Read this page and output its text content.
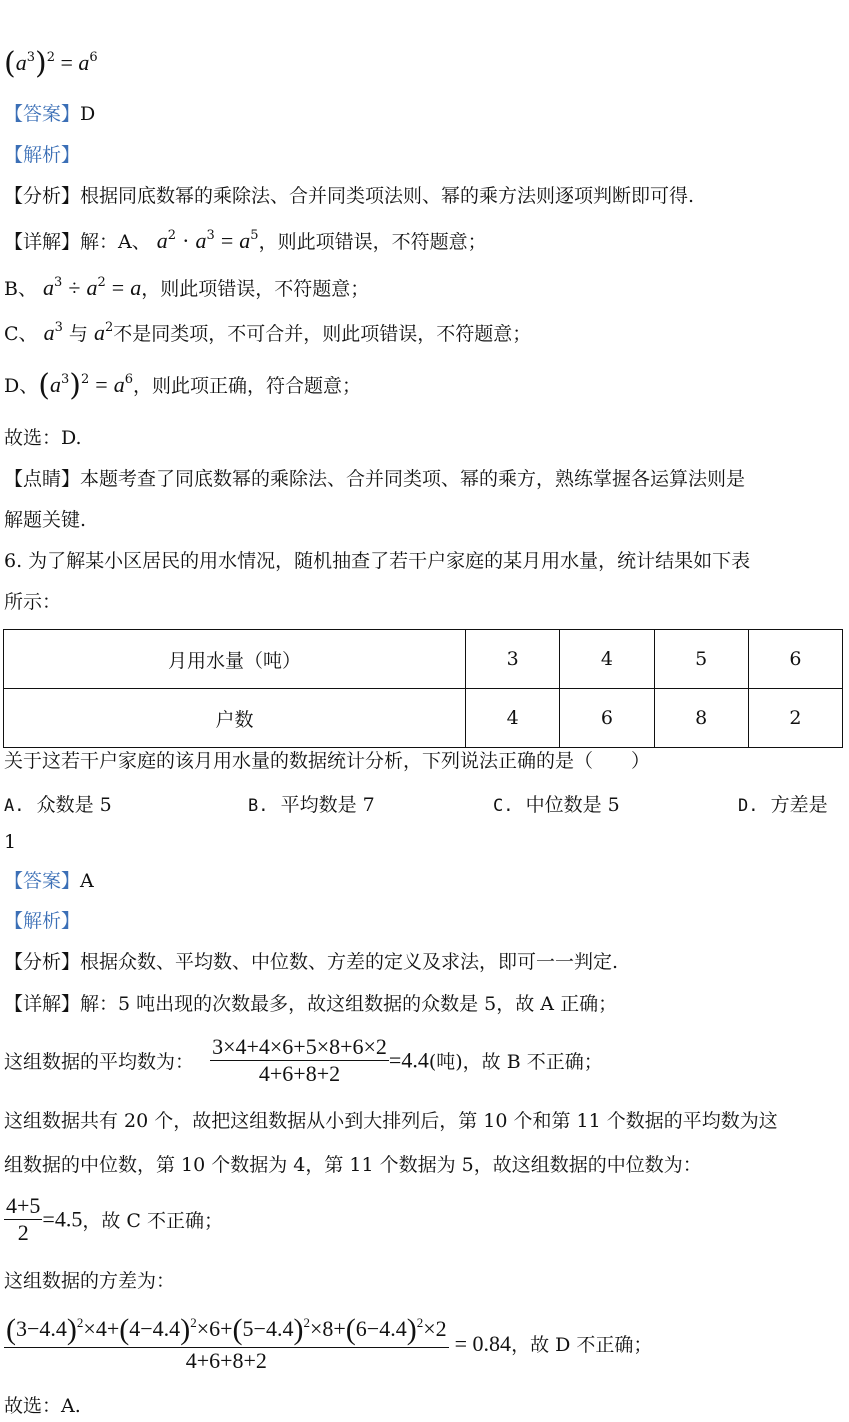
$(a^3)^2 = a^6$
【答案】D
【解析】
【分析】根据同底数幂的乘除法、合并同类项法则、幂的乘方法则逐项判断即可得.
【详解】解：A、 $a^2 \cdot a^3 = a^5$，则此项错误，不符题意；
B、 $a^3 \div a^2 = a$，则此项错误，不符题意；
C、 $a^3$ 与 $a^2$不是同类项，不可合并，则此项错误，不符题意；
D、$(a^3)^2 = a^6$，则此项正确，符合题意；
故选：D.
【点睛】本题考查了同底数幂的乘除法、合并同类项、幂的乘方，熟练掌握各运算法则是
解题关键.
6. 为了解某小区居民的用水情况，随机抽查了若干户家庭的某月用水量，统计结果如下表
所示：
月用水量（吨）	3	4	5	6
户数	4	6	8	2
关于这若干户家庭的该月用水量的数据统计分析，下列说法正确的是（　　）
A. 众数是 5	B. 平均数是 7	C. 中位数是 5	D. 方差是
1
【答案】A
【解析】
【分析】根据众数、平均数、中位数、方差的定义及求法，即可一一判定.
【详解】解：5 吨出现的次数最多，故这组数据的众数是 5，故 A 正确；
这组数据的平均数为： $\frac{3\times 4+4\times 6+5\times 8+6\times 2}{4+6+8+2} =4.4$(吨)，故 B 不正确；
这组数据共有 20 个，故把这组数据从小到大排列后，第 10 个和第 11 个数据的平均数为这
组数据的中位数，第 10 个数据为 4，第 11 个数据为 5，故这组数据的中位数为：
$\frac{4+5}{2} =4.5$，故 C 不正确；
这组数据的方差为：
$\frac{(3-4.4)^2\times 4+(4-4.4)^2\times 6+(5-4.4)^2\times 8+(6-4.4)^2\times 2}{4+6+8+2} = 0.84$，故 D 不正确；
故选：A.
